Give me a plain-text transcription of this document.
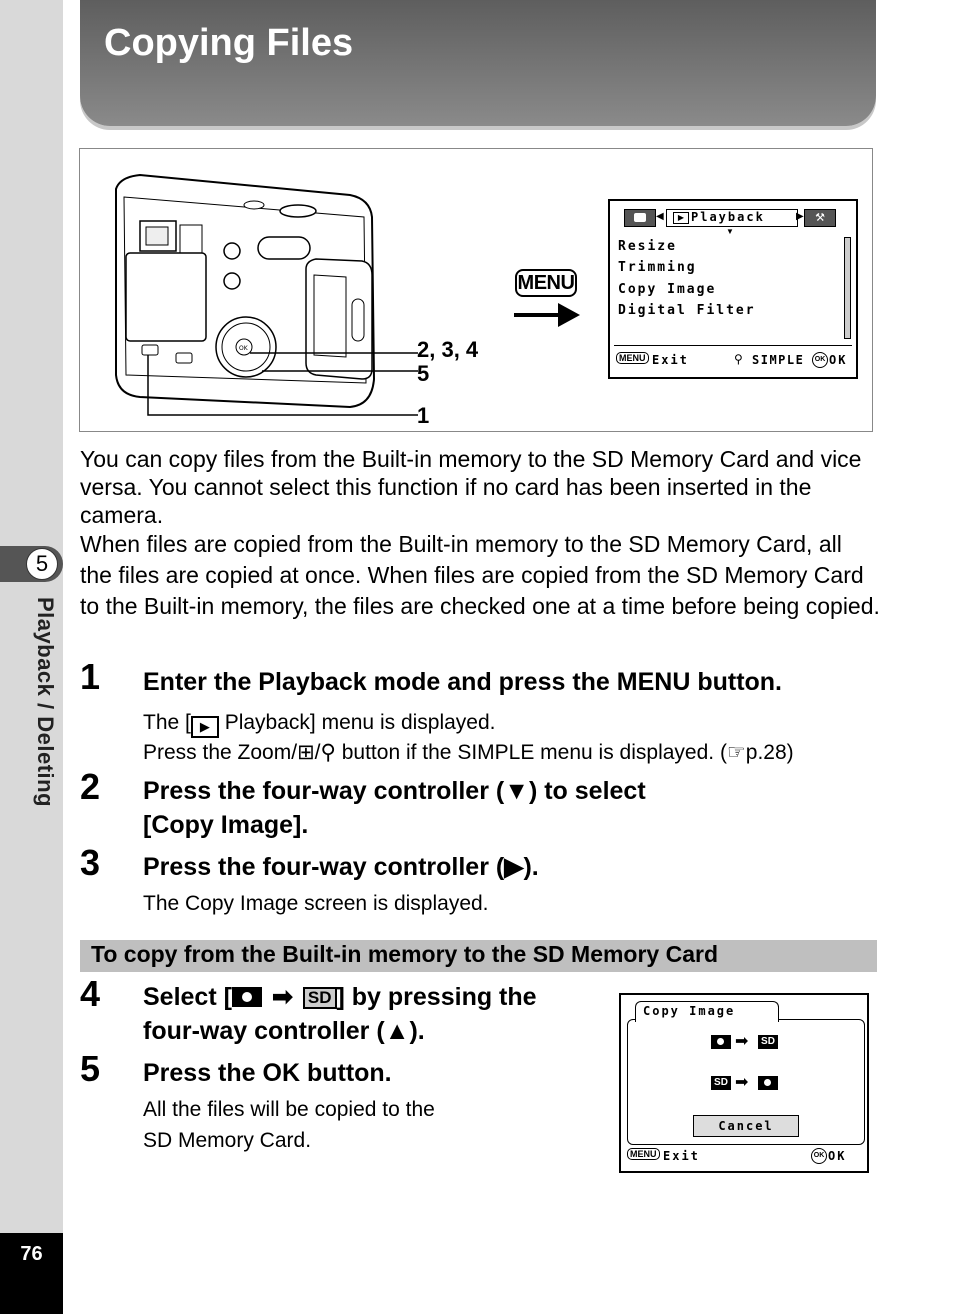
5
Playback / Deleting
76
Copying Files
OK	2, 3, 4
5
1
MENU
◀	▶ Playback	▶	⚒
▼
Resize
Trimming
Copy Image
Digital Filter
MENU Exit	⚲ SIMPLE	OK OK
You can copy files from the Built-in memory to the SD Memory Card and vice versa. You cannot select this function if no card has been inserted in the camera.
When files are copied from the Built-in memory to the SD Memory Card, all the files are copied at once. When files are copied from the SD Memory Card to the Built-in memory, the files are checked one at a time before being copied.
1 Enter the Playback mode and press the MENU button.
The [ ▶ Playback] menu is displayed.
Press the Zoom/⊞/⚲ button if the SIMPLE menu is displayed. (☞p.28)
2 Press the four-way controller (▼) to select
[Copy Image].
3 Press the four-way controller (▶).
The Copy Image screen is displayed.
To copy from the Built-in memory to the SD Memory Card
4 Select [ ➡ SD ] by pressing the
four-way controller (▲).
5 Press the OK button.
All the files will be copied to the
SD Memory Card.
Copy Image
➡	SD
SD ➡
Cancel
MENU Exit	OK OK
